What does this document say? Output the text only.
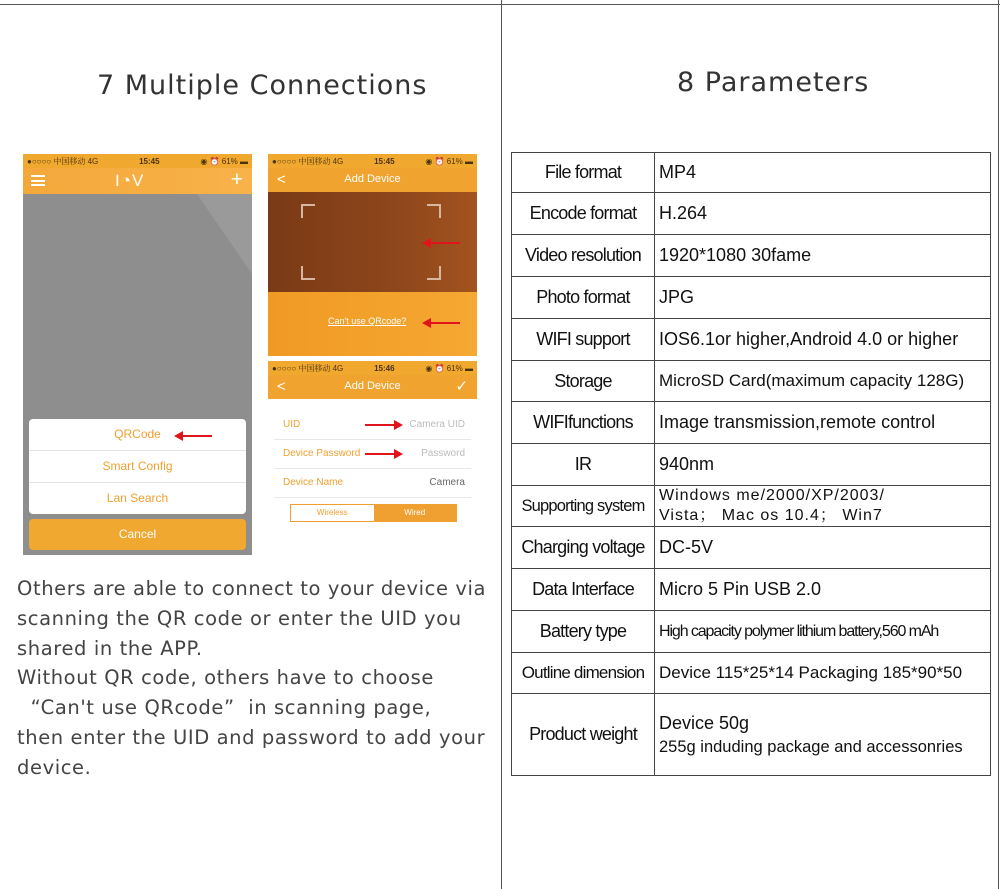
7 Multiple Connections	8 Parameters
●○○○○ 中国移动 4G	15:45	◉ ⏰ 61% ▬
I◔V	+
QRCode
Smart Config
Lan Search
Cancel
●○○○○ 中国移动 4G	15:45	◉ ⏰ 61% ▬
<	Add Device
Can't use QRcode?
●○○○○ 中国移动 4G	15:46	◉ ⏰ 61% ▬
<	Add Device	✓
UID	Camera UID
Device Password	Password
Device Name	Camera
Wireless	Wired

Others are able to connect to your device via

scanning the QR code or enter the UID you

shared in the APP.

Without QR code, others have to choose

“Can't use QRcode”  in scanning page,

then enter the UID and password to add your

device.

File format	MP4
Encode format	H.264
Video resolution	1920*1080 30fame
Photo format	JPG
WIFI support	IOS6.1or higher,Android 4.0 or higher
Storage	MicroSD Card(maximum capacity 128G)
WIFIfunctions	Image transmission,remote control
IR	940nm
Supporting system	Windows me/2000/XP/2003/
Vista； Mac os 10.4； Win7

Charging voltage	DC-5V
Data Interface	Micro 5 Pin USB 2.0
Battery type	High capacity polymer lithium battery,560 mAh
Outline dimension	Device 115*25*14 Packaging 185*90*50
Product weight	Device 50g
255g induding package and accessonries
